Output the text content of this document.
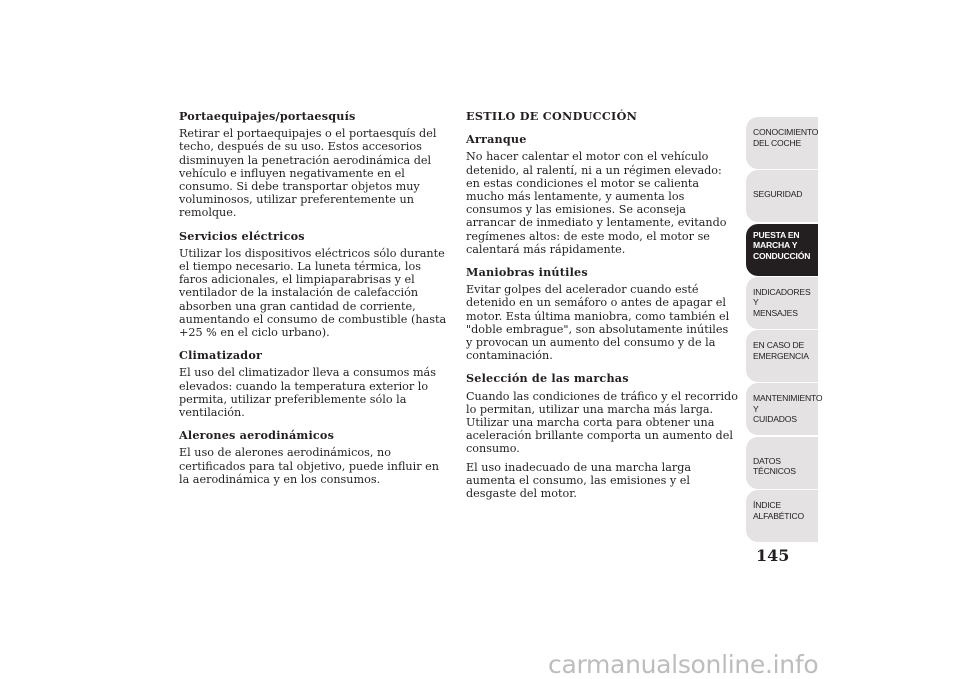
Portaequipajes/portaesquís

Retirar el portaequipajes o el portaesquís del techo, después de su uso. Estos accesorios disminuyen la penetración aerodinámica del vehículo e influyen negativamente en el consumo. Si debe transportar objetos muy voluminosos, utilizar preferentemente un remolque.

Servicios eléctricos

Utilizar los dispositivos eléctricos sólo durante el tiempo necesario. La luneta térmica, los faros adicionales, el limpiaparabrisas y el ventilador de la instalación de calefacción absorben una gran cantidad de corriente, aumentando el consumo de combustible (hasta +25 % en el ciclo urbano).

Climatizador

El uso del climatizador lleva a consumos más elevados: cuando la temperatura exterior lo permita, utilizar preferiblemente sólo la ventilación.

Alerones aerodinámicos

El uso de alerones aerodinámicos, no certificados para tal objetivo, puede influir en la aerodinámica y en los consumos.

ESTILO DE CONDUCCIÓN
Arranque

No hacer calentar el motor con el vehículo detenido, al ralentí, ni a un régimen elevado: en estas condiciones el motor se calienta mucho más lentamente, y aumenta los consumos y las emisiones. Se aconseja arrancar de inmediato y lentamente, evitando regímenes altos: de este modo, el motor se calentará más rápidamente.

Maniobras inútiles

Evitar golpes del acelerador cuando esté detenido en un semáforo o antes de apagar el motor. Esta última maniobra, como también el "doble embrague", son absolutamente inútiles y provocan un aumento del consumo y de la contaminación.

Selección de las marchas

Cuando las condiciones de tráfico y el recorrido lo permitan, utilizar una marcha más larga. Utilizar una marcha corta para obtener una aceleración brillante comporta un aumento del consumo.

El uso inadecuado de una marcha larga aumenta el consumo, las emisiones y el desgaste del motor.

CONOCIMIENTO
DEL COCHE
SEGURIDAD
PUESTA EN
MARCHA Y
CONDUCCIÓN
INDICADORES Y
MENSAJES
EN CASO DE
EMERGENCIA
MANTENIMIENTO Y
CUIDADOS
DATOS TÉCNICOS
ÍNDICE
ALFABÉTICO
145
carmanualsonline.info
